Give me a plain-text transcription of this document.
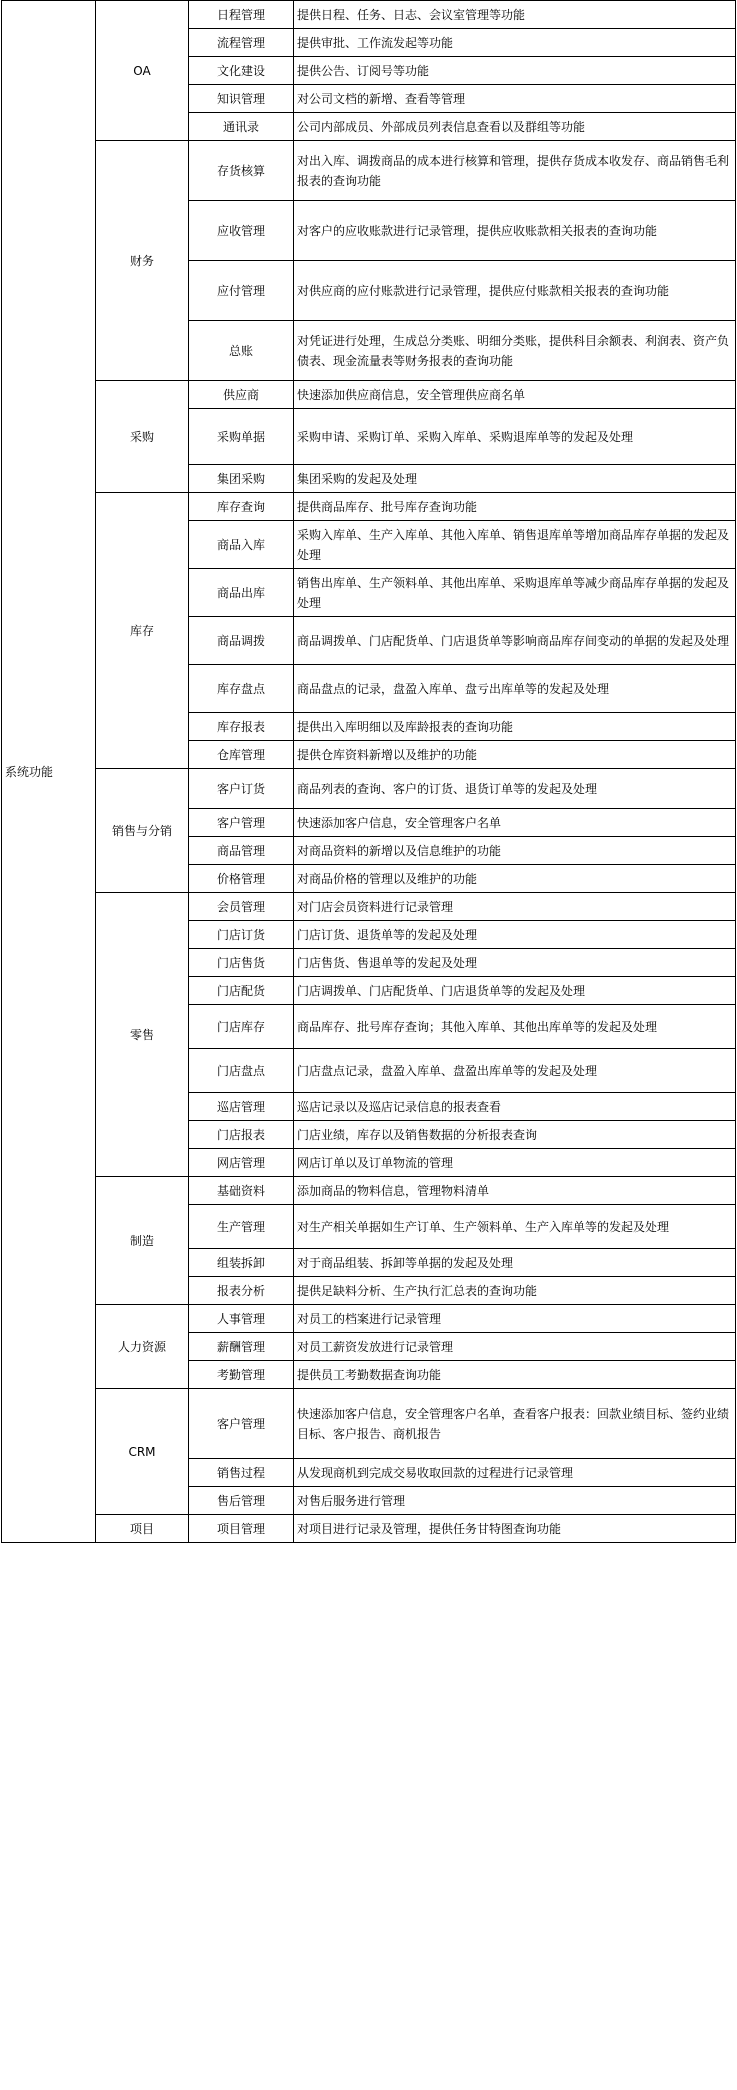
系统功能	OA	日程管理	提供日程、任务、日志、会议室管理等功能
		流程管理	提供审批、工作流发起等功能
		文化建设	提供公告、订阅号等功能
		知识管理	对公司文档的新增、查看等管理
		通讯录	公司内部成员、外部成员列表信息查看以及群组等功能
	财务	存货核算	对出入库、调拨商品的成本进行核算和管理，提供存货成本收发存、商品销售毛利报表的查询功能
		应收管理	对客户的应收账款进行记录管理，提供应收账款相关报表的查询功能
		应付管理	对供应商的应付账款进行记录管理，提供应付账款相关报表的查询功能
		总账	对凭证进行处理，生成总分类账、明细分类账，提供科目余额表、利润表、资产负债表、现金流量表等财务报表的查询功能
	采购	供应商	快速添加供应商信息，安全管理供应商名单
		采购单据	采购申请、采购订单、采购入库单、采购退库单等的发起及处理
		集团采购	集团采购的发起及处理
	库存	库存查询	提供商品库存、批号库存查询功能
		商品入库	采购入库单、生产入库单、其他入库单、销售退库单等增加商品库存单据的发起及处理
		商品出库	销售出库单、生产领料单、其他出库单、采购退库单等减少商品库存单据的发起及处理
		商品调拨	商品调拨单、门店配货单、门店退货单等影响商品库存间变动的单据的发起及处理
		库存盘点	商品盘点的记录，盘盈入库单、盘亏出库单等的发起及处理
		库存报表	提供出入库明细以及库龄报表的查询功能
		仓库管理	提供仓库资料新增以及维护的功能
	销售与分销	客户订货	商品列表的查询、客户的订货、退货订单等的发起及处理
		客户管理	快速添加客户信息，安全管理客户名单
		商品管理	对商品资料的新增以及信息维护的功能
		价格管理	对商品价格的管理以及维护的功能
	零售	会员管理	对门店会员资料进行记录管理
		门店订货	门店订货、退货单等的发起及处理
		门店售货	门店售货、售退单等的发起及处理
		门店配货	门店调拨单、门店配货单、门店退货单等的发起及处理
		门店库存	商品库存、批号库存查询；其他入库单、其他出库单等的发起及处理
		门店盘点	门店盘点记录，盘盈入库单、盘盈出库单等的发起及处理
		巡店管理	巡店记录以及巡店记录信息的报表查看
		门店报表	门店业绩，库存以及销售数据的分析报表查询
		网店管理	网店订单以及订单物流的管理
	制造	基础资料	添加商品的物料信息，管理物料清单
		生产管理	对生产相关单据如生产订单、生产领料单、生产入库单等的发起及处理
		组装拆卸	对于商品组装、拆卸等单据的发起及处理
		报表分析	提供足缺料分析、生产执行汇总表的查询功能
	人力资源	人事管理	对员工的档案进行记录管理
		薪酬管理	对员工薪资发放进行记录管理
		考勤管理	提供员工考勤数据查询功能
	CRM	客户管理	快速添加客户信息，安全管理客户名单，查看客户报表：回款业绩目标、签约业绩目标、客户报告、商机报告
		销售过程	从发现商机到完成交易收取回款的过程进行记录管理
		售后管理	对售后服务进行管理
	项目	项目管理	对项目进行记录及管理，提供任务甘特图查询功能
